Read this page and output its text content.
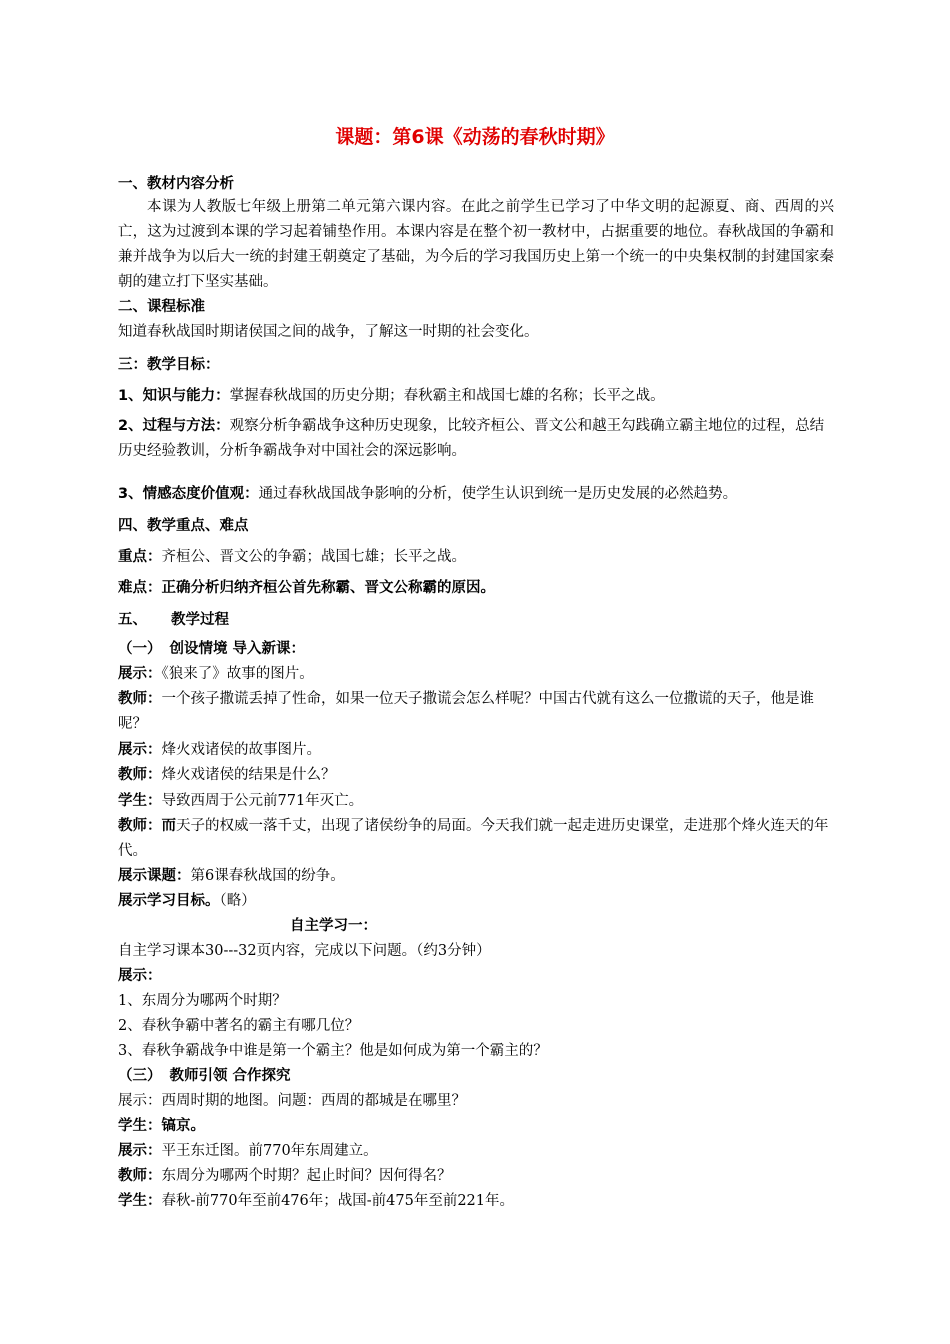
课题：第6课《动荡的春秋时期》
一、教材内容分析
本课为人教版七年级上册第二单元第六课内容。在此之前学生已学习了中华文明的起源夏、商、西周的兴亡，这为过渡到本课的学习起着铺垫作用。本课内容是在整个初一教材中，占据重要的地位。春秋战国的争霸和兼并战争为以后大一统的封建王朝奠定了基础，为今后的学习我国历史上第一个统一的中央集权制的封建国家秦朝的建立打下坚实基础。
二、课程标准
知道春秋战国时期诸侯国之间的战争，了解这一时期的社会变化。
三：教学目标：
1、知识与能力：掌握春秋战国的历史分期；春秋霸主和战国七雄的名称；长平之战。
2、过程与方法：观察分析争霸战争这种历史现象，比较齐桓公、晋文公和越王勾践确立霸主地位的过程，总结历史经验教训，分析争霸战争对中国社会的深远影响。
3、情感态度价值观：通过春秋战国战争影响的分析，使学生认识到统一是历史发展的必然趋势。
四、教学重点、难点
重点：齐桓公、晋文公的争霸；战国七雄；长平之战。
难点：正确分析归纳齐桓公首先称霸、晋文公称霸的原因。
五、 教学过程
（一） 创设情境 导入新课：
展示：《狼来了》故事的图片。
教师：一个孩子撒谎丢掉了性命，如果一位天子撒谎会怎么样呢？中国古代就有这么一位撒谎的天子，他是谁呢？
展示：烽火戏诸侯的故事图片。
教师：烽火戏诸侯的结果是什么？
学生：导致西周于公元前771年灭亡。
教师：而天子的权威一落千丈，出现了诸侯纷争的局面。今天我们就一起走进历史课堂，走进那个烽火连天的年代。
展示课题：第6课春秋战国的纷争。
展示学习目标。（略）
自主学习一：
自主学习课本30---32页内容，完成以下问题。（约3分钟）
展示：
1、东周分为哪两个时期？
2、春秋争霸中著名的霸主有哪几位？
3、春秋争霸战争中谁是第一个霸主？他是如何成为第一个霸主的？
（三） 教师引领 合作探究
展示：西周时期的地图。问题：西周的都城是在哪里？
学生：镐京。
展示：平王东迁图。前770年东周建立。
教师：东周分为哪两个时期？起止时间？因何得名？
学生：春秋-前770年至前476年；战国-前475年至前221年。
